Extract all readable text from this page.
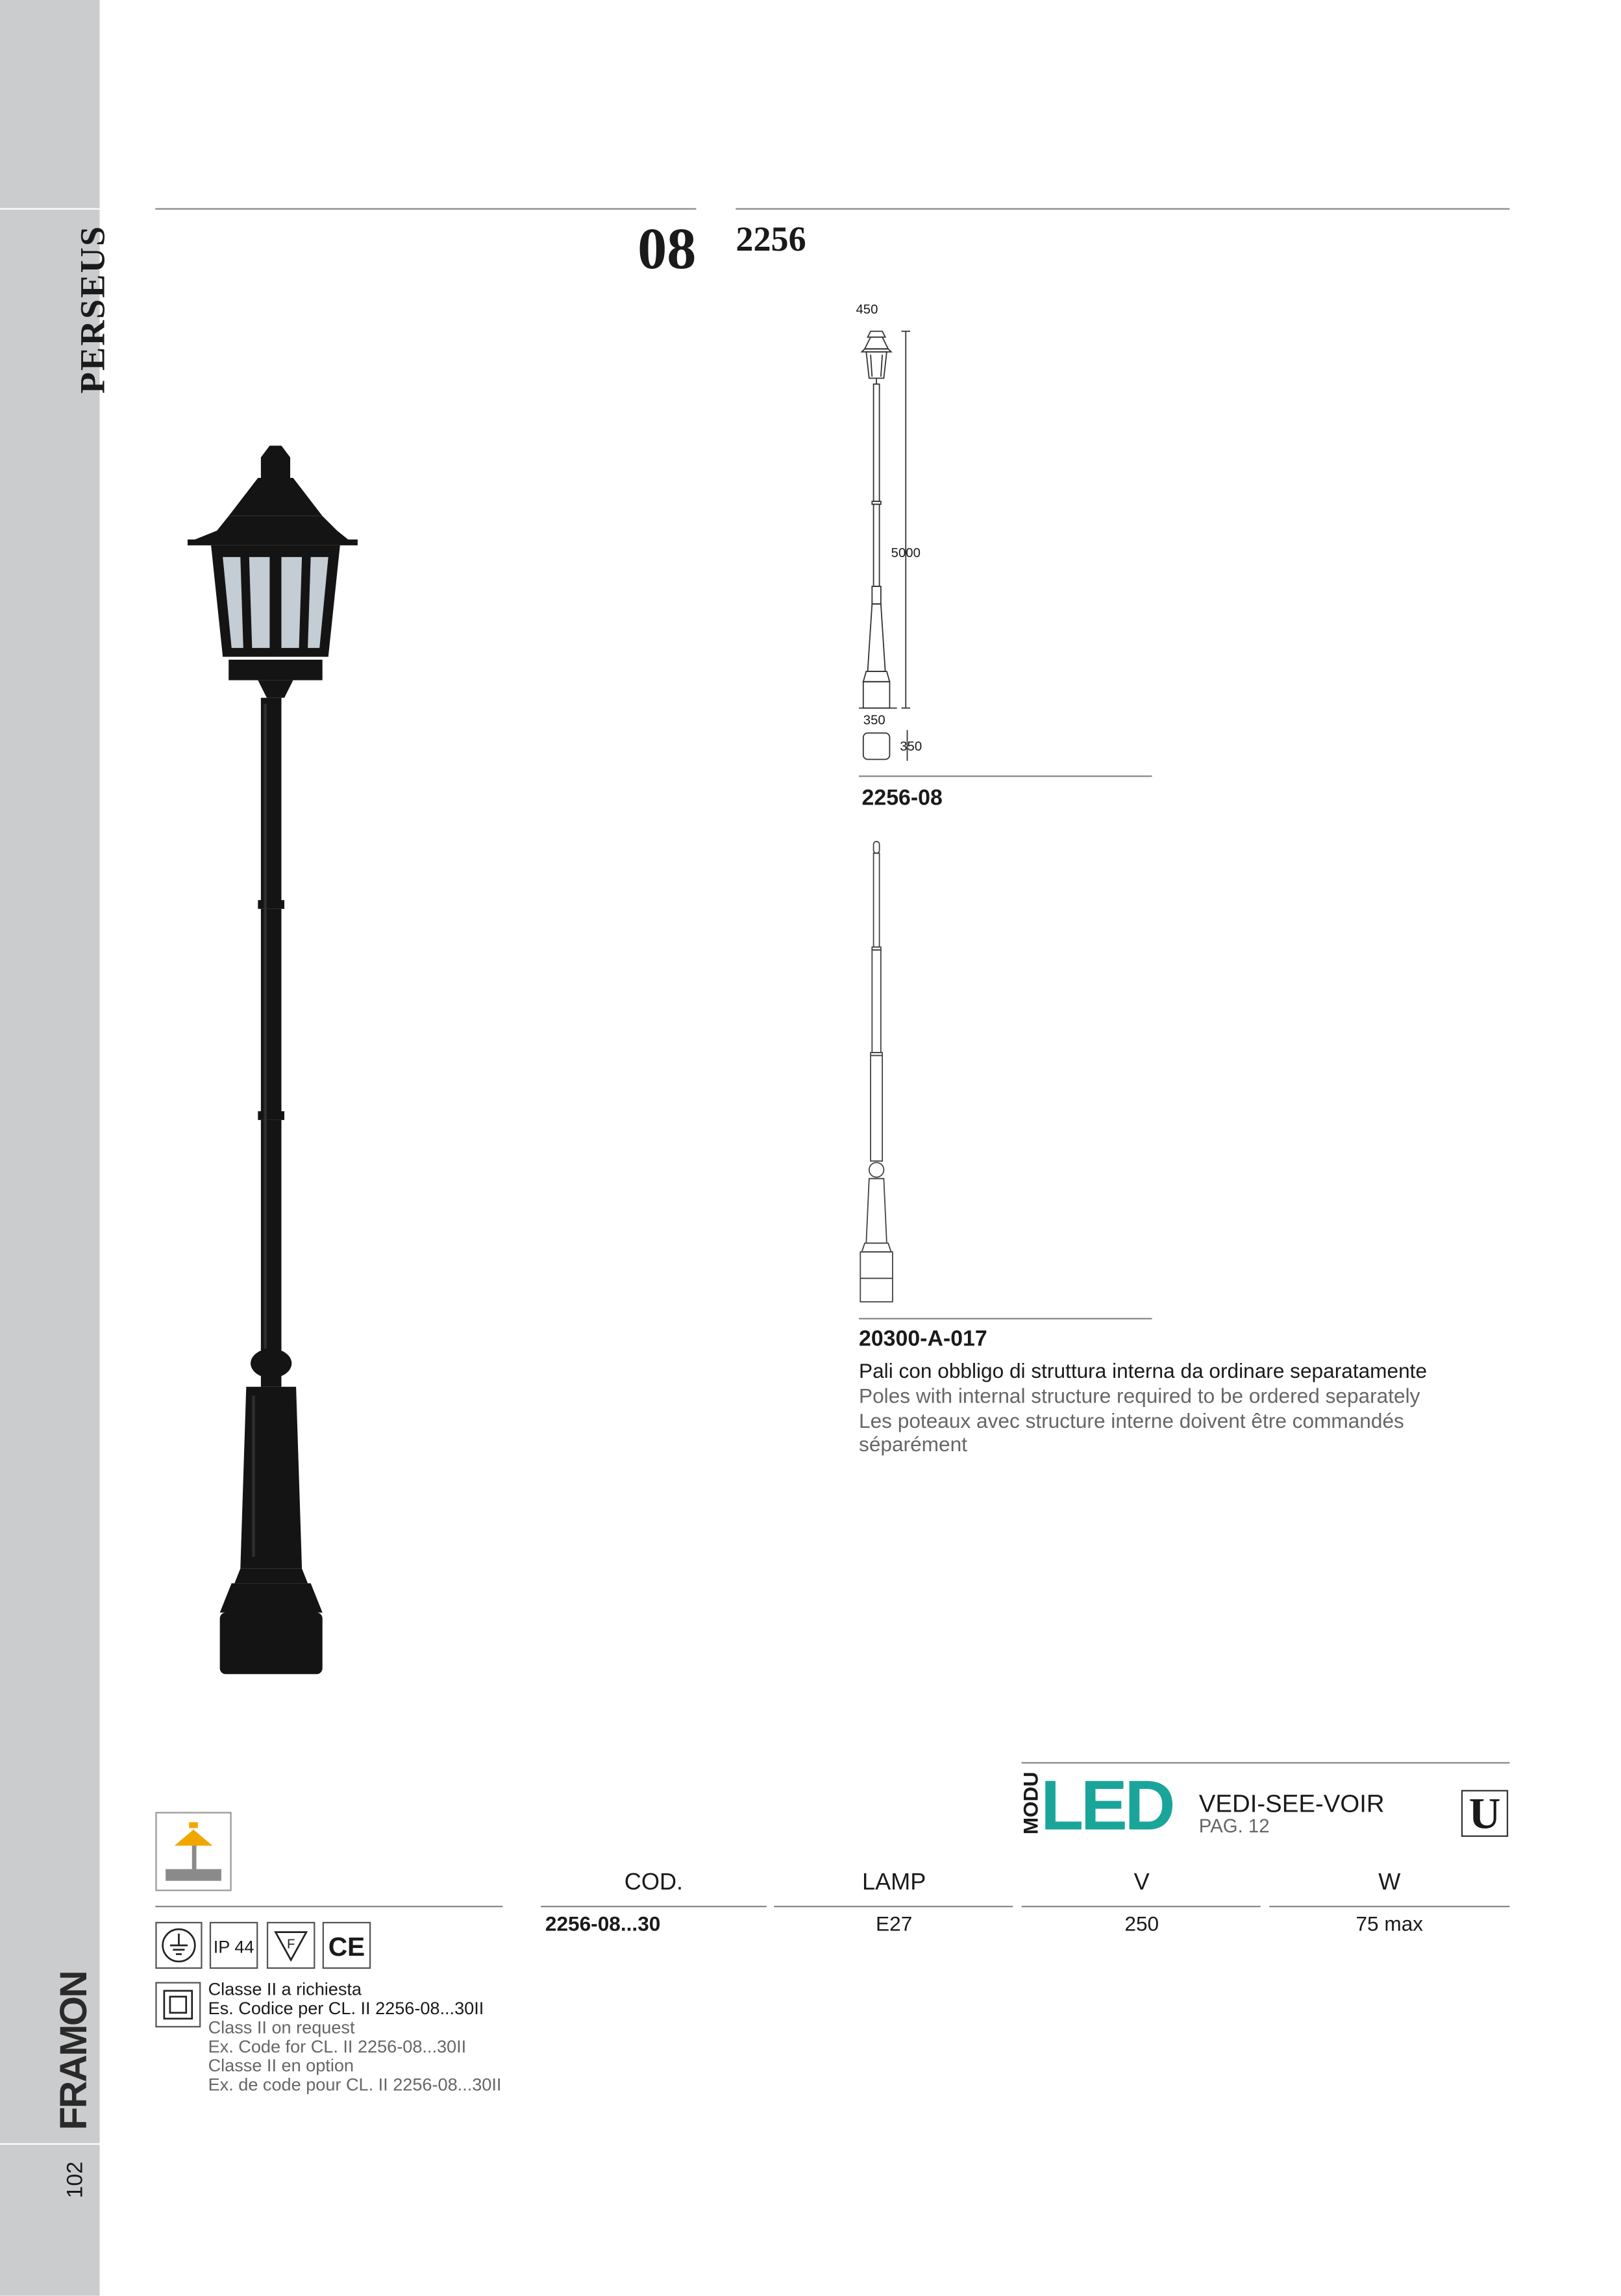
PERSEUS
FRAMON
102
08	2256
450
5000
350
350
2256-08
20300-A-017
Pali con obbligo di struttura interna da ordinare separatamente
Poles with internal structure required to be ordered separately
Les poteaux avec structure interne doivent être commandés
séparément
MODU
LED VEDI-SEE-VOIR
PAG. 12	U
COD.	LAMP	V	W
2256-08...30	E27	250	75 max
IP 44	F	CE
Classe II a richiesta
Es. Codice per CL. II 2256-08...30II
Class II on request
Ex. Code for CL. II 2256-08...30II
Classe II en option
Ex. de code pour CL. II 2256-08...30II
